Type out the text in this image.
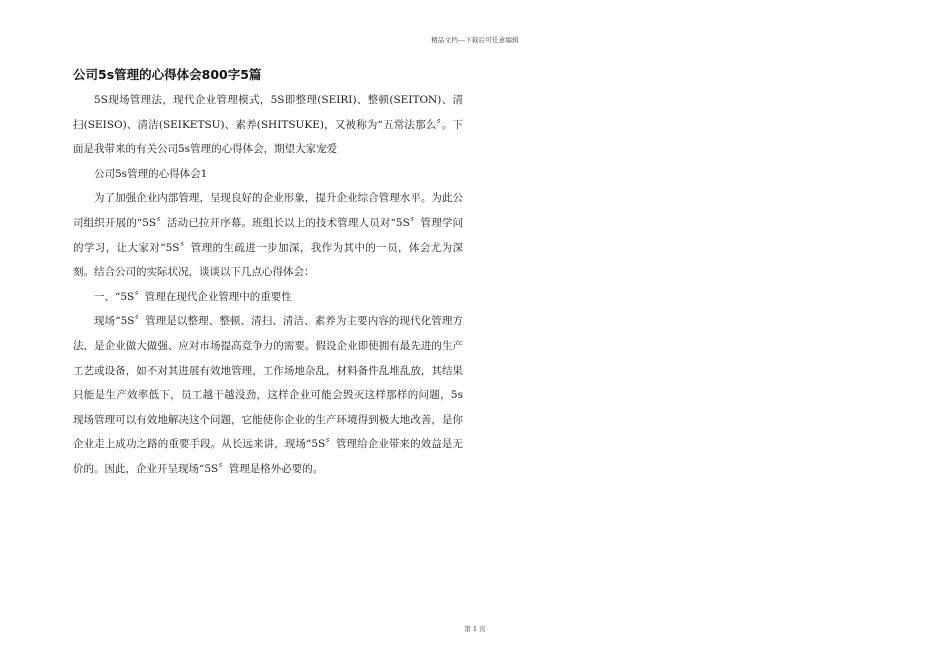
精品文档---下载后可任意编辑
公司5s管理的心得体会800字5篇

5S现场管理法，现代企业管理模式，5S即整理(SEIRI)、整顿(SEITON)、清扫(SEISO)、清洁(SEIKETSU)、素养(SHITSUKE)，又被称为“五常法那么〞。下面是我带来的有关公司5s管理的心得体会，期望大家宠爱

公司5s管理的心得体会1

为了加强企业内部管理，呈现良好的企业形象，提升企业综合管理水平。为此公司组织开展的“5S〞活动已拉开序幕。班组长以上的技术管理人员对“5S〞管理学问的学习，让大家对“5S〞管理的生疏进一步加深，我作为其中的一员，体会尤为深刻。结合公司的实际状况，谈谈以下几点心得体会：

一、“5S〞管理在现代企业管理中的重要性

现场“5S〞管理是以整理、整顿、清扫、清洁、素养为主要内容的现代化管理方法，是企业做大做强、应对市场提高竞争力的需要。假设企业即使拥有最先进的生产工艺或设备，如不对其进展有效地管理，工作场地杂乱，材料备件乱堆乱放，其结果只能是生产效率低下，员工越干越没劲，这样企业可能会毁灭这样那样的问题，5s现场管理可以有效地解决这个问题，它能使你企业的生产环境得到极大地改善，是你企业走上成功之路的重要手段。从长远来讲，现场“5S〞管理给企业带来的效益是无价的。因此，企业开呈现场“5S〞管理是格外必要的。

第 1 页
